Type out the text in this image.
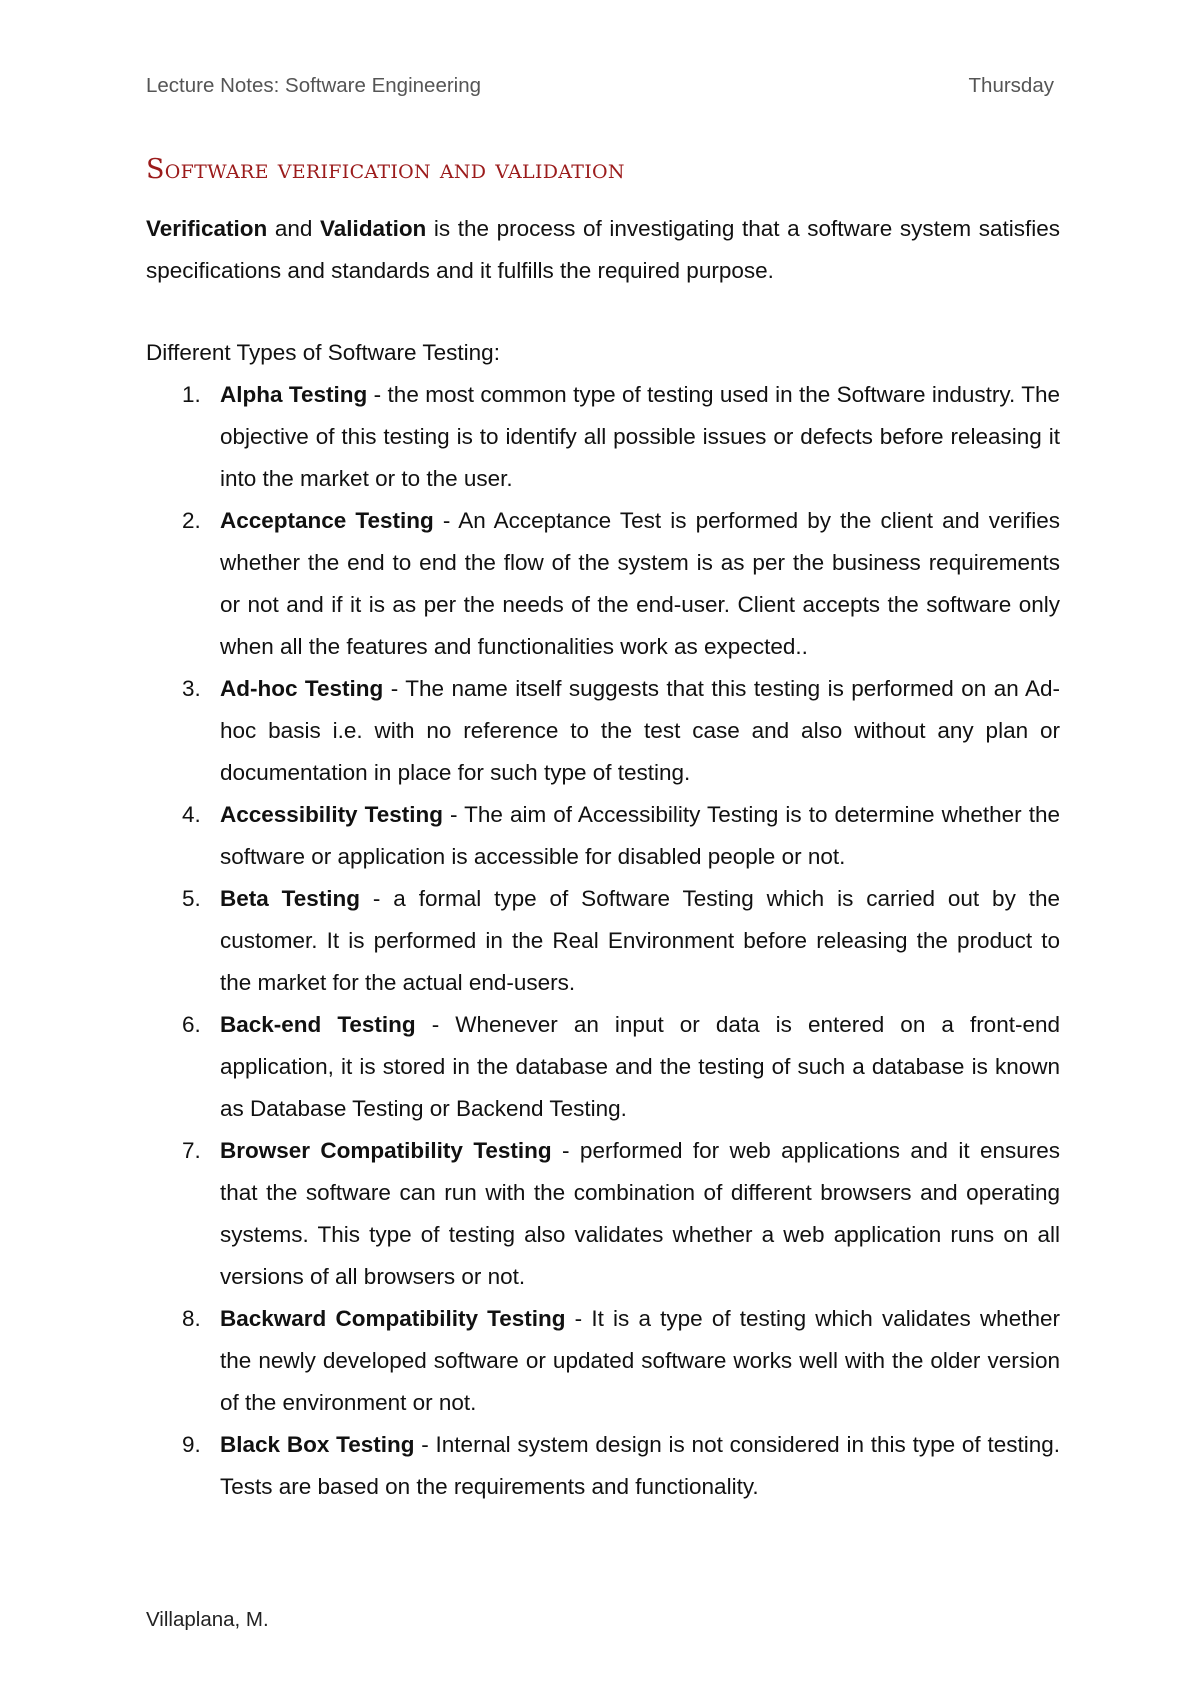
Lecture Notes: Software Engineering	Thursday
Software verification and validation

Verification and Validation is the process of investigating that a software system satisfies specifications and standards and it fulfills the required purpose.

Different Types of Software Testing:

1. Alpha Testing - the most common type of testing used in the Software industry. The objective of this testing is to identify all possible issues or defects before releasing it into the market or to the user.
2. Acceptance Testing - An Acceptance Test is performed by the client and verifies whether the end to end the flow of the system is as per the business requirements or not and if it is as per the needs of the end-user. Client accepts the software only when all the features and functionalities work as expected..
3. Ad-hoc Testing - The name itself suggests that this testing is performed on an Ad-hoc basis i.e. with no reference to the test case and also without any plan or documentation in place for such type of testing.
4. Accessibility Testing - The aim of Accessibility Testing is to determine whether the software or application is accessible for disabled people or not.
5. Beta Testing - a formal type of Software Testing which is carried out by the customer. It is performed in the Real Environment before releasing the product to the market for the actual end-users.
6. Back-end Testing - Whenever an input or data is entered on a front-end application, it is stored in the database and the testing of such a database is known as Database Testing or Backend Testing.
7. Browser Compatibility Testing - performed for web applications and it ensures that the software can run with the combination of different browsers and operating systems. This type of testing also validates whether a web application runs on all versions of all browsers or not.
8. Backward Compatibility Testing - It is a type of testing which validates whether the newly developed software or updated software works well with the older version of the environment or not.
9. Black Box Testing - Internal system design is not considered in this type of testing. Tests are based on the requirements and functionality.
Villaplana, M.
